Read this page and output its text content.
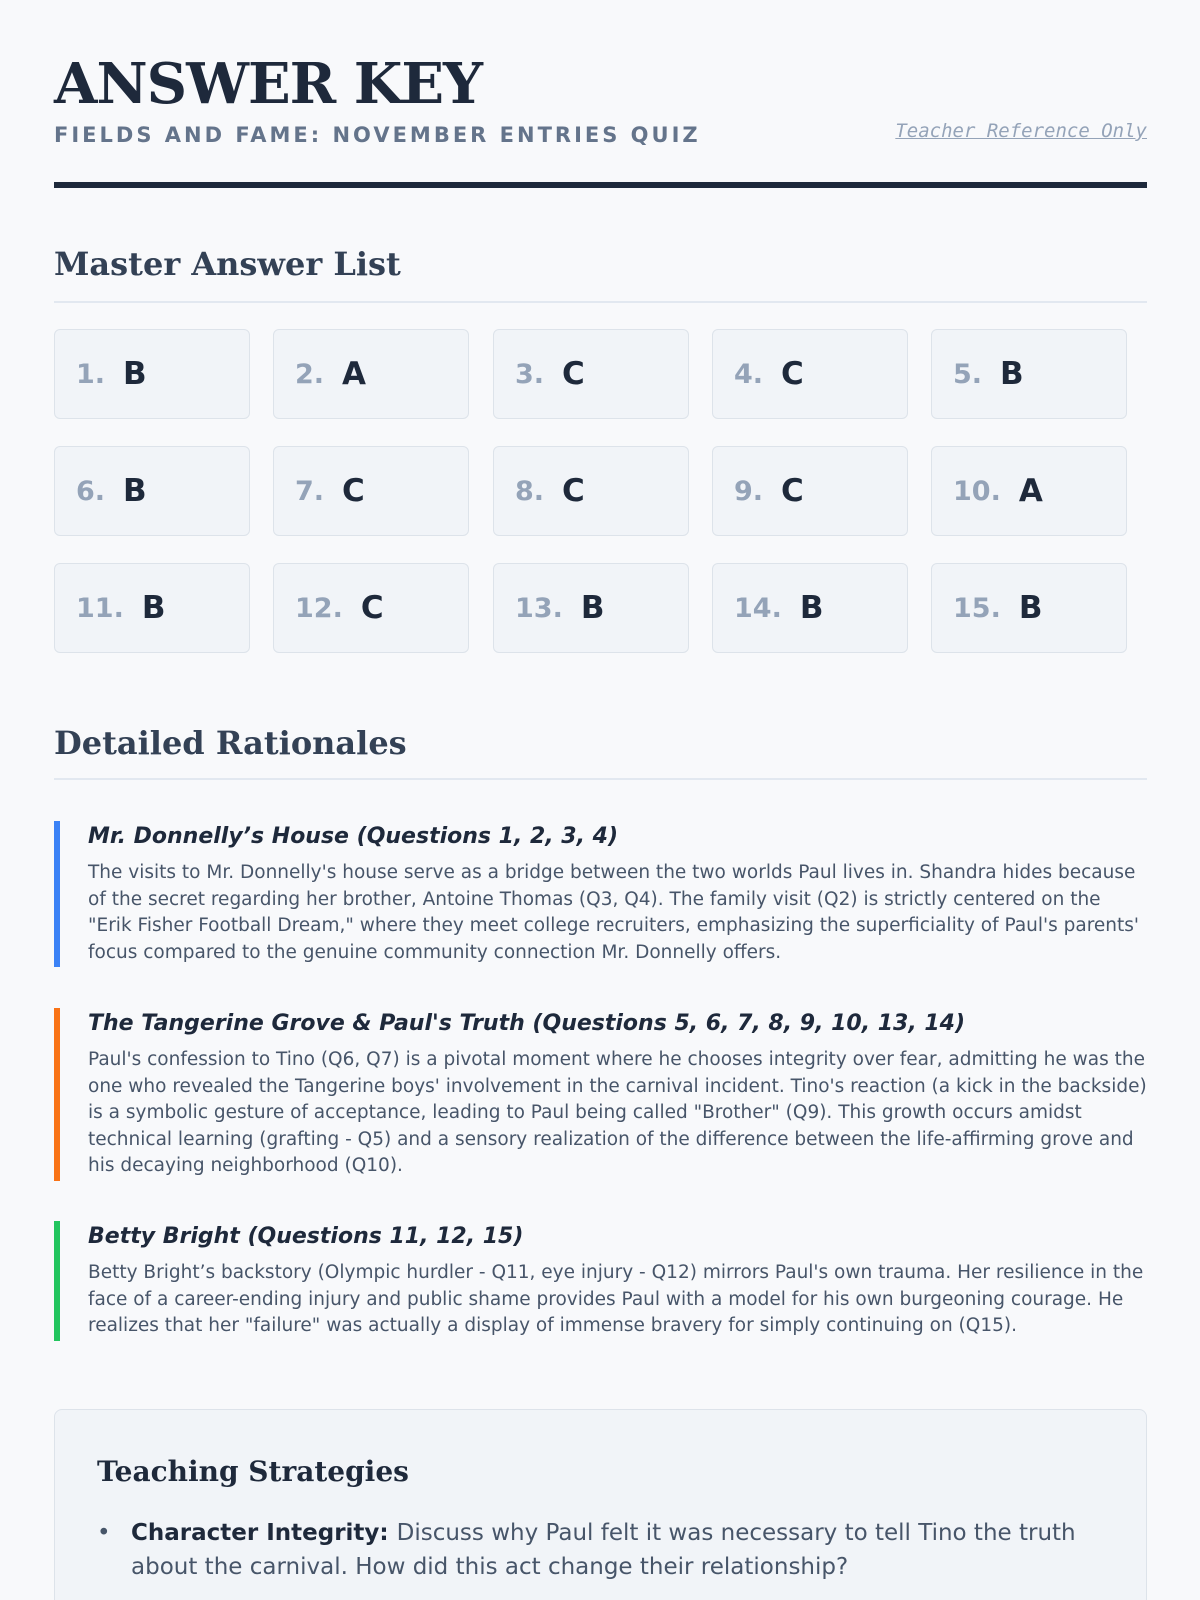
ANSWER KEY
FIELDS AND FAME: NOVEMBER ENTRIES QUIZ	Teacher Reference Only
Master Answer List
1. B	2. A	3. C	4. C	5. B
6. B	7. C	8. C	9. C	10. A
11. B	12. C	13. B	14. B	15. B
Detailed Rationales
Mr. Donnelly’s House (Questions 1, 2, 3, 4)

The visits to Mr. Donnelly's house serve as a bridge between the two worlds Paul lives in. Shandra hides because of the secret regarding her brother, Antoine Thomas (Q3, Q4). The family visit (Q2) is strictly centered on the "Erik Fisher Football Dream," where they meet college recruiters, emphasizing the superficiality of Paul's parents' focus compared to the genuine community connection Mr. Donnelly offers.

The Tangerine Grove & Paul's Truth (Questions 5, 6, 7, 8, 9, 10, 13, 14)

Paul's confession to Tino (Q6, Q7) is a pivotal moment where he chooses integrity over fear, admitting he was the one who revealed the Tangerine boys' involvement in the carnival incident. Tino's reaction (a kick in the backside) is a symbolic gesture of acceptance, leading to Paul being called "Brother" (Q9). This growth occurs amidst technical learning (grafting - Q5) and a sensory realization of the difference between the life-affirming grove and his decaying neighborhood (Q10).

Betty Bright (Questions 11, 12, 15)

Betty Bright’s backstory (Olympic hurdler - Q11, eye injury - Q12) mirrors Paul's own trauma. Her resilience in the face of a career-ending injury and public shame provides Paul with a model for his own burgeoning courage. He realizes that her "failure" was actually a display of immense bravery for simply continuing on (Q15).

Teaching Strategies
• Character Integrity: Discuss why Paul felt it was necessary to tell Tino the truth about the carnival. How did this act change their relationship?
